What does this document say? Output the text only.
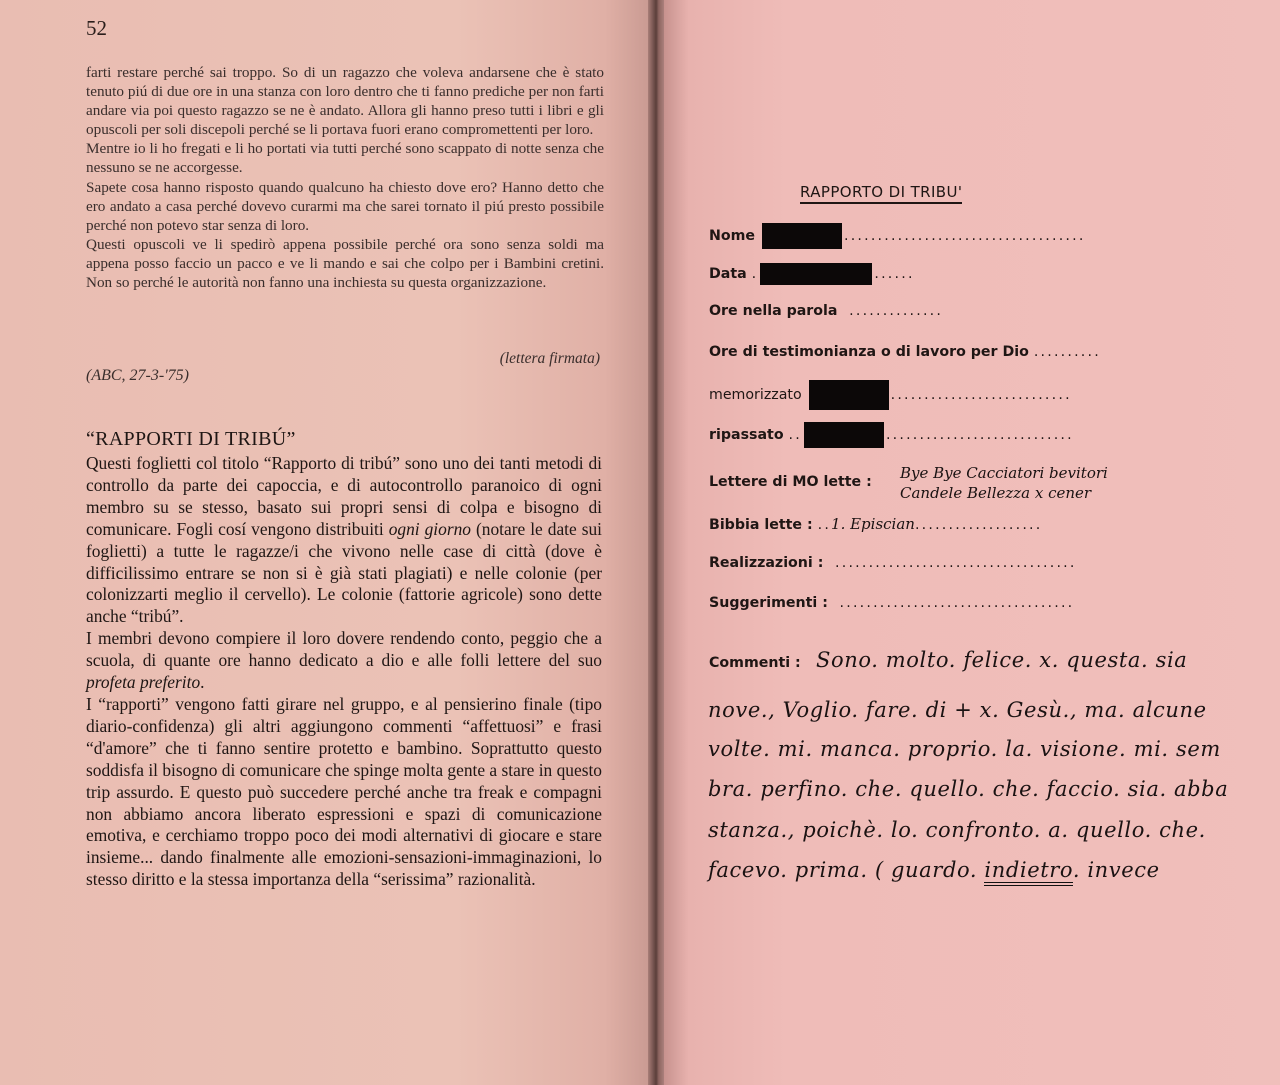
52

farti restare perché sai troppo. So di un ragazzo che voleva andarsene che è stato tenuto piú di due ore in una stanza con loro dentro che ti fanno prediche per non farti andare via poi questo ragazzo se ne è andato. Allora gli hanno preso tutti i libri e gli opuscoli per soli discepoli perché se li portava fuori erano compromettenti per loro.

Mentre io li ho fregati e li ho portati via tutti perché sono scappato di notte senza che nessuno se ne accorgesse.

Sapete cosa hanno risposto quando qualcuno ha chiesto dove ero? Hanno detto che ero andato a casa perché dovevo curarmi ma che sarei tornato il piú presto possibile perché non potevo star senza di loro.

Questi opuscoli ve li spedirò appena possibile perché ora sono senza soldi ma appena posso faccio un pacco e ve li mando e sai che colpo per i Bambini cretini. Non so perché le autorità non fanno una inchiesta su questa organizzazione.

(lettera firmata)
(ABC, 27-3-'75)
“RAPPORTI DI TRIBÚ”

Questi foglietti col titolo “Rapporto di tribú” sono uno dei tanti metodi di controllo da parte dei capoccia, e di autocontrollo paranoico di ogni membro su se stesso, basato sui propri sensi di colpa e bisogno di comunicare. Fogli cosí vengono distribuiti ogni giorno (notare le date sui foglietti) a tutte le ragazze/i che vivono nelle case di città (dove è difficilissimo entrare se non si è già stati plagiati) e nelle colonie (per colonizzarti meglio il cervello). Le colonie (fattorie agricole) sono dette anche “tribú”.

I membri devono compiere il loro dovere rendendo conto, peggio che a scuola, di quante ore hanno dedicato a dio e alle folli lettere del suo profeta preferito.

I “rapporti” vengono fatti girare nel gruppo, e al pensierino finale (tipo diario-confidenza) gli altri aggiungono commenti “affettuosi” e frasi “d'amore” che ti fanno sentire protetto e bambino. Soprattutto questo soddisfa il bisogno di comunicare che spinge molta gente a stare in questo trip assurdo. E questo può succedere perché anche tra freak e compagni non abbiamo ancora liberato espressioni e spazi di comunicazione emotiva, e cerchiamo troppo poco dei modi alternativi di giocare e stare insieme... dando finalmente alle emozioni-sensazioni-immaginazioni, lo stesso diritto e la stessa importanza della “serissima” razionalità.

RAPPORTO DI TRIBU'
Nome	....................................
Data .	......
Ore nella parola  ..............
Ore di testimonianza o di lavoro per Dio ..........
memorizzato	...........................
ripassato ..	............................
Lettere di MO lette : Bye Bye Cacciatori bevitori
Candele Bellezza x cener
Bibbia lette : ..1. Episcian...................
Realizzazioni :  ....................................
Suggerimenti :  ...................................
Commenti : Sono. molto. felice. x. questa. sia
nove., Voglio. fare. di + x. Gesù., ma. alcune
volte. mi. manca. proprio. la. visione. mi. sem
bra. perfino. che. quello. che. faccio. sia. abba
stanza., poichè. lo. confronto. a. quello. che.
facevo. prima. ( guardo. indietro. invece
